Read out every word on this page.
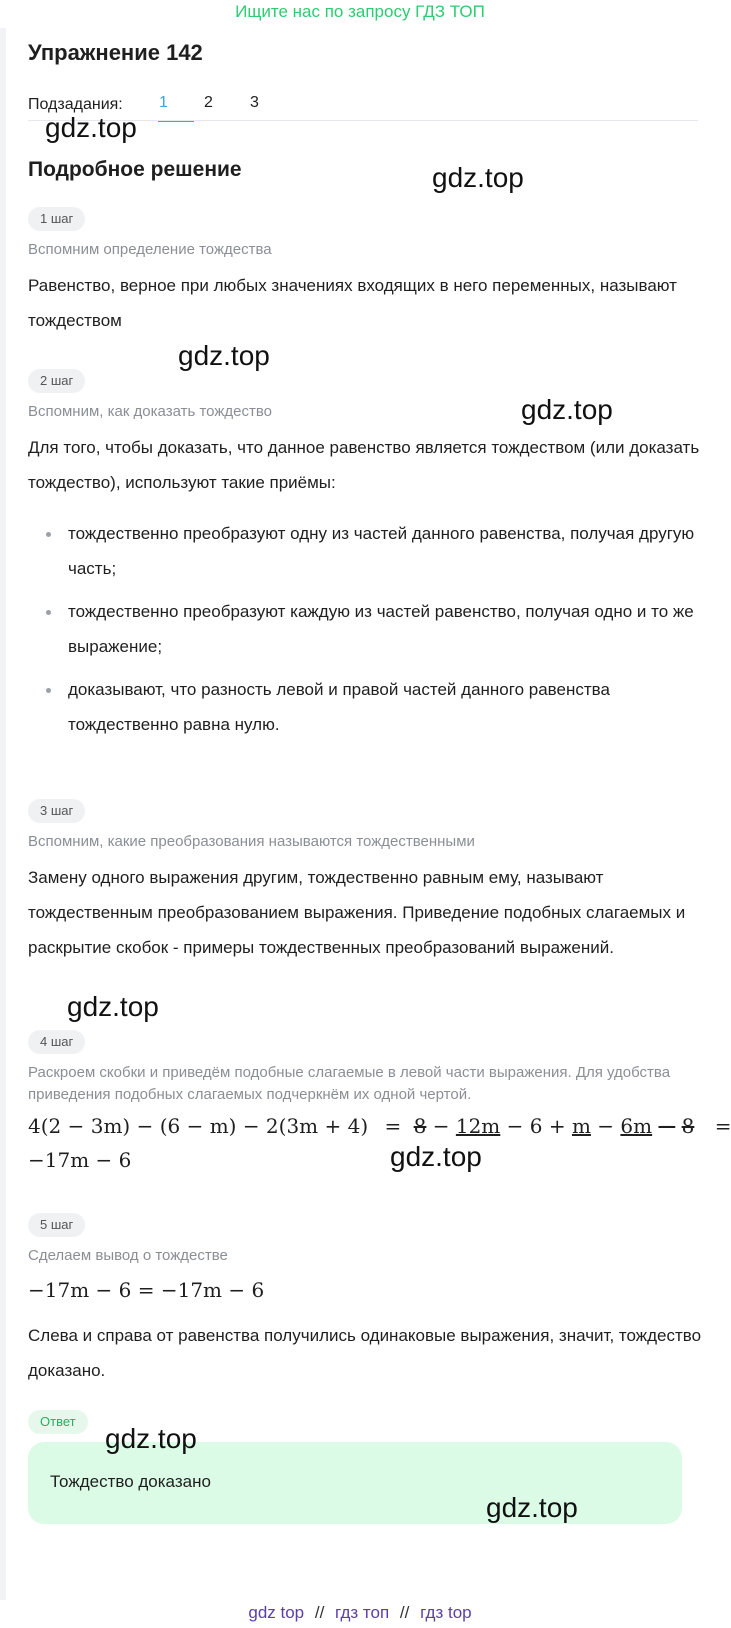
Ищите нас по запросу ГДЗ ТОП
Упражнение 142
Подзадания: 1 2 3
Подробное решение
1 шаг
Вспомним определение тождества
Равенство, верное при любых значениях входящих в него переменных, называют тождеством
2 шаг
Вспомним, как доказать тождество
Для того, чтобы доказать, что данное равенство является тождеством (или доказать тождество), используют такие приёмы:
тождественно преобразуют одну из частей данного равенства, получая другую часть;
тождественно преобразуют каждую из частей равенство, получая одно и то же выражение;
доказывают, что разность левой и правой частей данного равенства тождественно равна нулю.
3 шаг
Вспомним, какие преобразования называются тождественными
Замену одного выражения другим, тождественно равным ему, называют тождественным преобразованием выражения. Приведение подобных слагаемых и раскрытие скобок - примеры тождественных преобразований выражений.
4 шаг
Раскроем скобки и приведём подобные слагаемые в левой части выражения. Для удобства приведения подобных слагаемых подчеркнём их одной чертой.
4(2 − 3m) − (6 − m) − 2(3m + 4) = 8 − 12m − 6 + m − 6m − 8 =
−17m − 6
5 шаг
Сделаем вывод о тождестве
−17m − 6 = −17m − 6
Слева и справа от равенства получились одинаковые выражения, значит, тождество доказано.
Ответ
Тождество доказано
gdz.top
gdz.top
gdz.top
gdz.top
gdz.top
gdz.top
gdz.top
gdz.top
gdz top // гдз топ // гдз top
